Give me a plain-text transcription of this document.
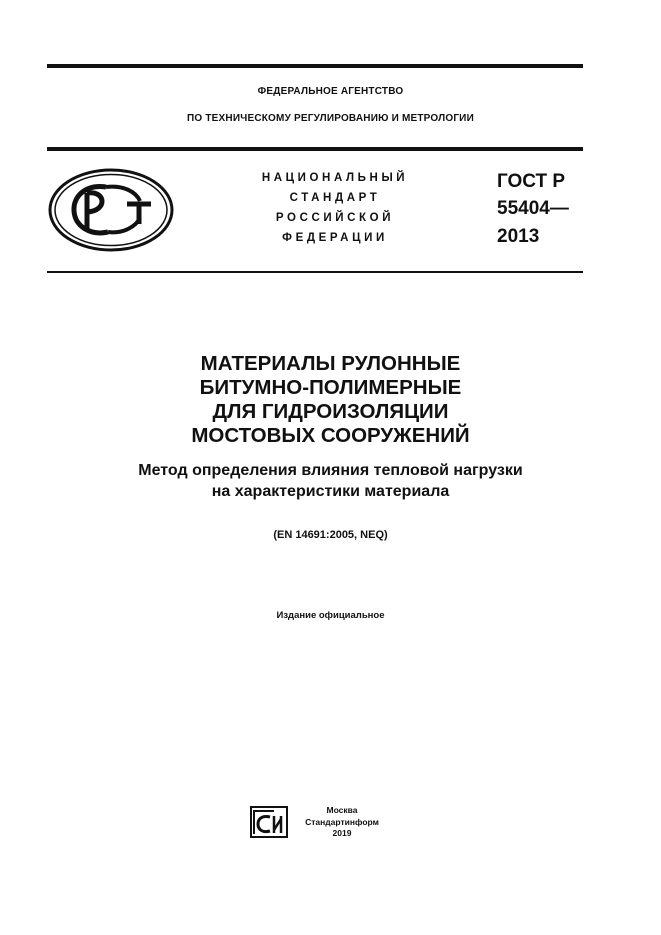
ФЕДЕРАЛЬНОЕ АГЕНТСТВО
ПО ТЕХНИЧЕСКОМУ РЕГУЛИРОВАНИЮ И МЕТРОЛОГИИ
НАЦИОНАЛЬНЫЙ
СТАНДАРТ
РОССИЙСКОЙ
ФЕДЕРАЦИИ
ГОСТ Р
55404—
2013
МАТЕРИАЛЫ РУЛОННЫЕ
БИТУМНО-ПОЛИМЕРНЫЕ
ДЛЯ ГИДРОИЗОЛЯЦИИ
МОСТОВЫХ СООРУЖЕНИЙ
Метод определения влияния тепловой нагрузки
на характеристики материала
(EN 14691:2005, NEQ)
Издание официальное
Москва
Стандартинформ
2019
